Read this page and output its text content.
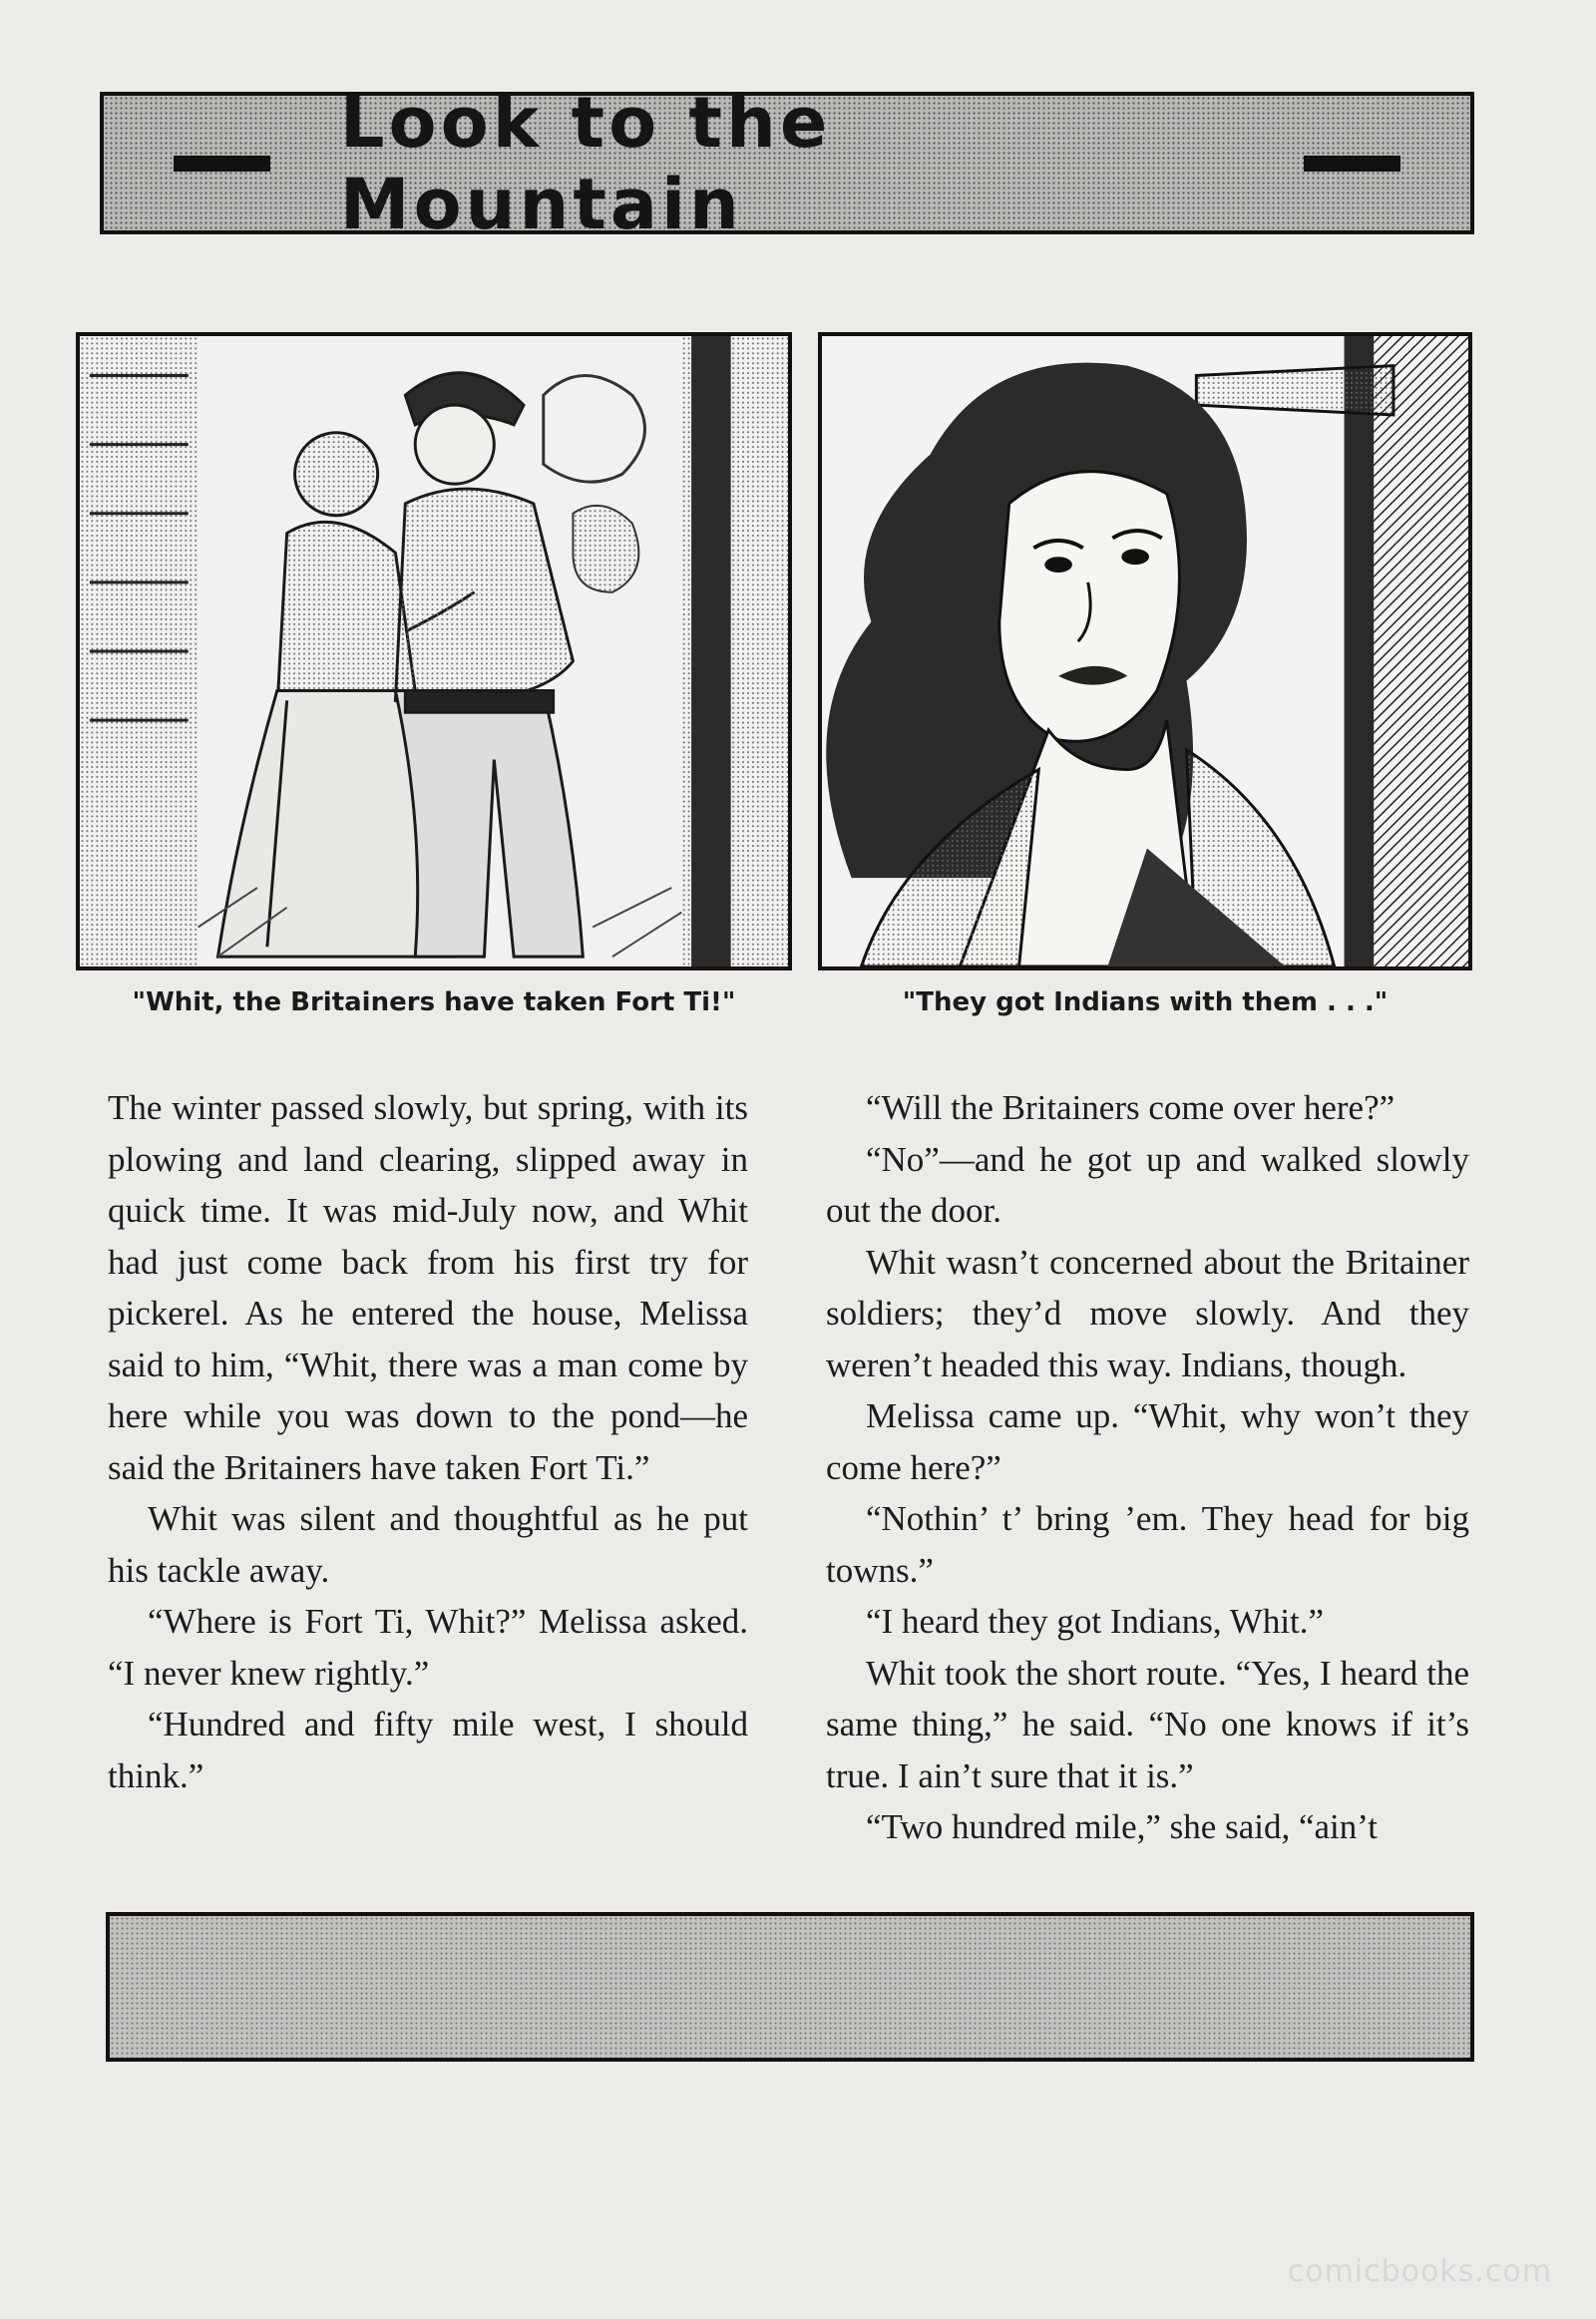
Look to the Mountain
"Whit, the Britainers have taken Fort Ti!"	"They got Indians with them . . ."

The winter passed slowly, but spring, with its plowing and land clearing, slipped away in quick time. It was mid-July now, and Whit had just come back from his first try for pickerel. As he entered the house, Melissa said to him, “Whit, there was a man come by here while you was down to the pond—he said the Britainers have taken Fort Ti.”

Whit was silent and thoughtful as he put his tackle away.

“Where is Fort Ti, Whit?” Melissa asked. “I never knew rightly.”

“Hundred and fifty mile west, I should think.”

“Will the Britainers come over here?”

“No”—and he got up and walked slowly out the door.

Whit wasn’t concerned about the Britainer soldiers; they’d move slowly. And they weren’t headed this way. Indians, though.

Melissa came up. “Whit, why won’t they come here?”

“Nothin’ t’ bring ’em. They head for big towns.”

“I heard they got Indians, Whit.”

Whit took the short route. “Yes, I heard the same thing,” he said. “No one knows if it’s true. I ain’t sure that it is.”

“Two hundred mile,” she said, “ain’t

comicbooks.com
